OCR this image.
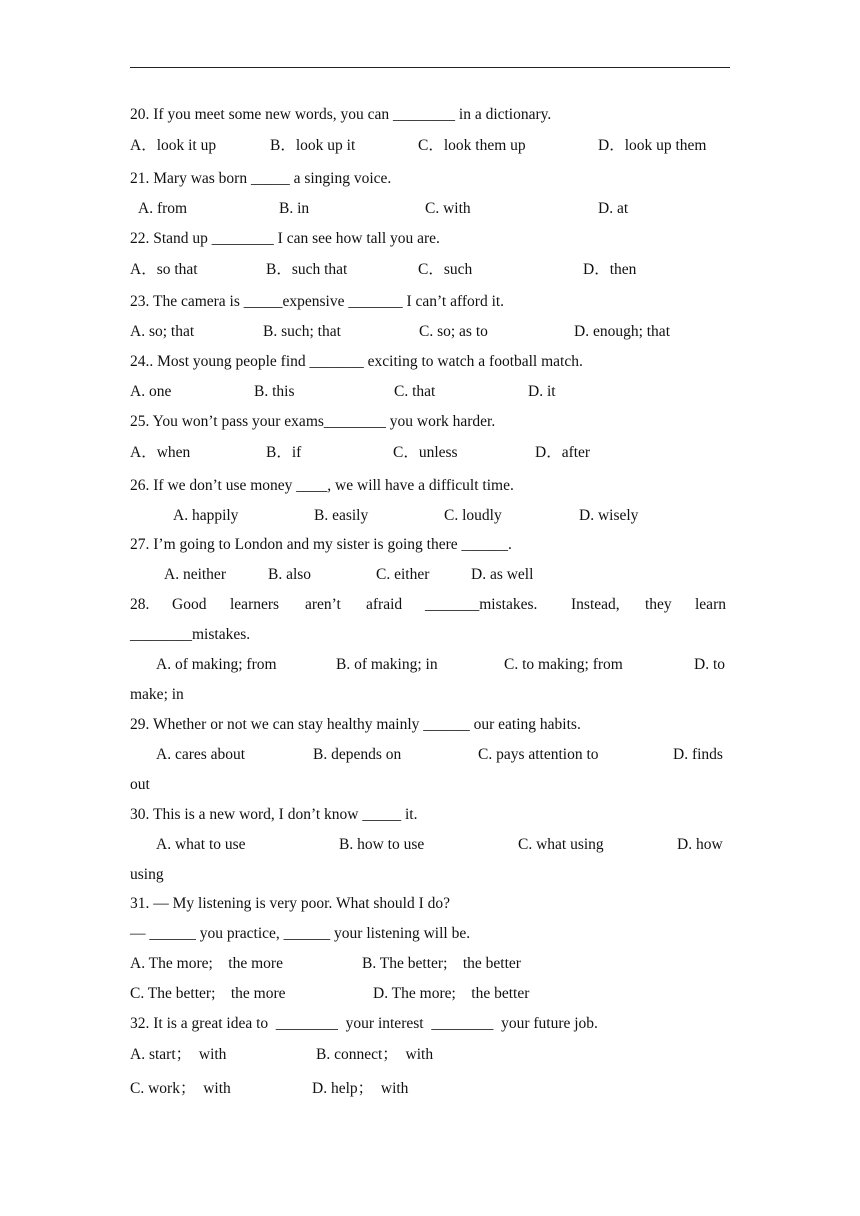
20. If you meet some new words, you can ________ in a dictionary.
A．look it up	B．look up it	C．look them up	D．look up them
21. Mary was born _____ a singing voice.
A. from	B. in	C. with	D. at
22. Stand up ________ I can see how tall you are.
A．so that	B．such that	C．such	D．then
23. The camera is _____expensive _______ I can’t afford it.
A. so; that	B. such; that	C. so; as to	D. enough; that
24.. Most young people find _______ exciting to watch a football match.
A. one	B. this	C. that	D. it
25. You won’t pass your exams________ you work harder.
A．when	B．if	C．unless	D．after
26. If we don’t use money ____, we will have a difficult time.
A. happily	B. easily	C. loudly	D. wisely
27. I’m going to London and my sister is going there ______.
A. neither	B. also	C. either	D. as well
28. Good learners aren’t afraid _______mistakes. Instead, they learn
________mistakes.
A. of making; from	B. of making; in	C. to making; from	D. to
make; in
29. Whether or not we can stay healthy mainly ______ our eating habits.
A. cares about	B. depends on	C. pays attention to	D. finds
out
30. This is a new word, I don’t know _____ it.
A. what to use	B. how to use	C. what using	D. how
using
31. — My listening is very poor. What should I do?
— ______ you practice, ______ your listening will be.
A. The more;    the more	B. The better;    the better
C. The better;    the more	D. The more;    the better
32. It is a great idea to  ________  your interest  ________  your future job.
A. start；  with	B. connect；  with
C. work；  with	D. help；  with
